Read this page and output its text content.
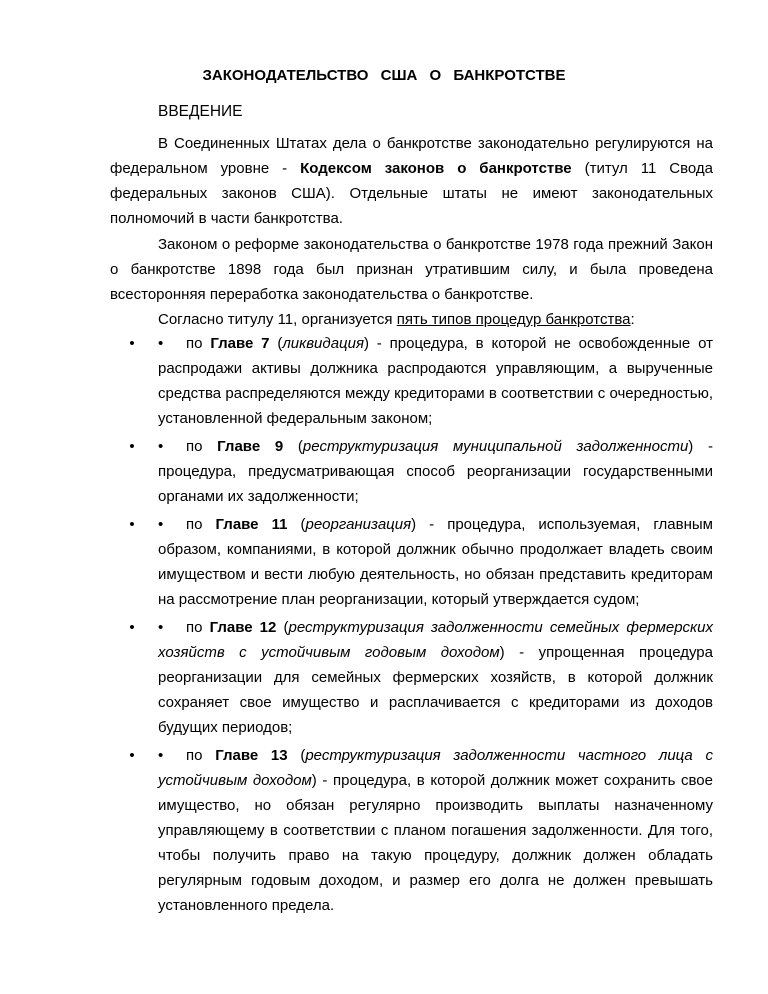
ЗАКОНОДАТЕЛЬСТВО США О БАНКРОТСТВЕ
ВВЕДЕНИЕ

В Соединенных Штатах дела о банкротстве законодательно регулируются на федеральном уровне - Кодексом законов о банкротстве (титул 11 Свода федеральных законов США). Отдельные штаты не имеют законодательных полномочий в части банкротства.

Законом о реформе законодательства о банкротстве 1978 года прежний Закон о банкротстве 1898 года был признан утратившим силу, и была проведена всесторонняя переработка законодательства о банкротстве.

Согласно титулу 11, организуется пять типов процедур банкротства:

• • по Главе 7 (ликвидация) - процедура, в которой не освобожденные от распродажи активы должника распродаются управляющим, а вырученные средства распределяются между кредиторами в соответствии с очередностью, установленной федеральным законом;
• • по Главе 9 (реструктуризация муниципальной задолженности) - процедура, предусматривающая способ реорганизации государственными органами их задолженности;
• • по Главе 11 (реорганизация) - процедура, используемая, главным образом, компаниями, в которой должник обычно продолжает владеть своим имуществом и вести любую деятельность, но обязан представить кредиторам на рассмотрение план реорганизации, который утверждается судом;
• • по Главе 12 (реструктуризация задолженности семейных фермерских хозяйств с устойчивым годовым доходом) - упрощенная процедура реорганизации для семейных фермерских хозяйств, в которой должник сохраняет свое имущество и расплачивается с кредиторами из доходов будущих периодов;
• • по Главе 13 (реструктуризация задолженности частного лица с устойчивым доходом) - процедура, в которой должник может сохранить свое имущество, но обязан регулярно производить выплаты назначенному управляющему в соответствии с планом погашения задолженности. Для того, чтобы получить право на такую процедуру, должник должен обладать регулярным годовым доходом, и размер его долга не должен превышать установленного предела.
